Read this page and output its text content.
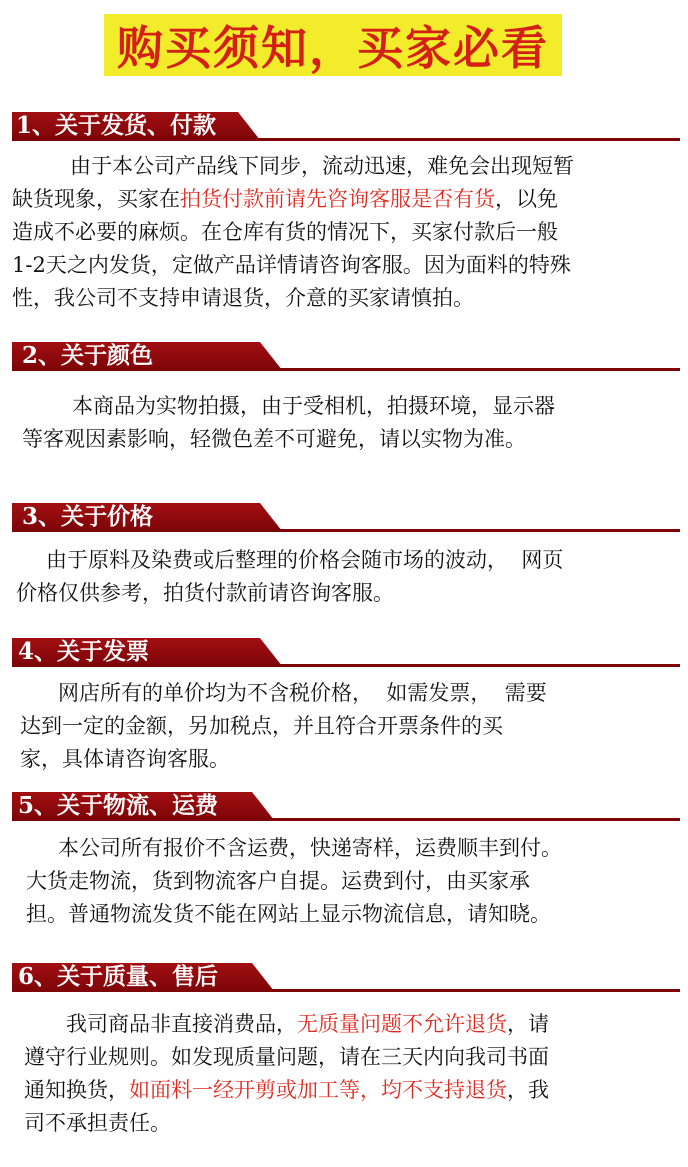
购买须知，买家必看
1、关于发货、付款
由于本公司产品线下同步，流动迅速，难免会出现短暂
缺货现象，买家在拍货付款前请先咨询客服是否有货，以免
造成不必要的麻烦。在仓库有货的情况下，买家付款后一般
1-2天之内发货，定做产品详情请咨询客服。因为面料的特殊
性，我公司不支持申请退货，介意的买家请慎拍。
2、关于颜色
本商品为实物拍摄，由于受相机，拍摄环境，显示器
等客观因素影响，轻微色差不可避免，请以实物为准。
3、关于价格
由于原料及染费或后整理的价格会随市场的波动，  网页
价格仅供参考，拍货付款前请咨询客服。
4、关于发票
网店所有的单价均为不含税价格，  如需发票，  需要
达到一定的金额，另加税点，并且符合开票条件的买
家，具体请咨询客服。
5、关于物流、运费
本公司所有报价不含运费，快递寄样，运费顺丰到付。
大货走物流，货到物流客户自提。运费到付，由买家承
担。普通物流发货不能在网站上显示物流信息，请知晓。
6、关于质量、售后
我司商品非直接消费品，无质量问题不允许退货，请
遵守行业规则。如发现质量问题，请在三天内向我司书面
通知换货，如面料一经开剪或加工等，均不支持退货，我
司不承担责任。
